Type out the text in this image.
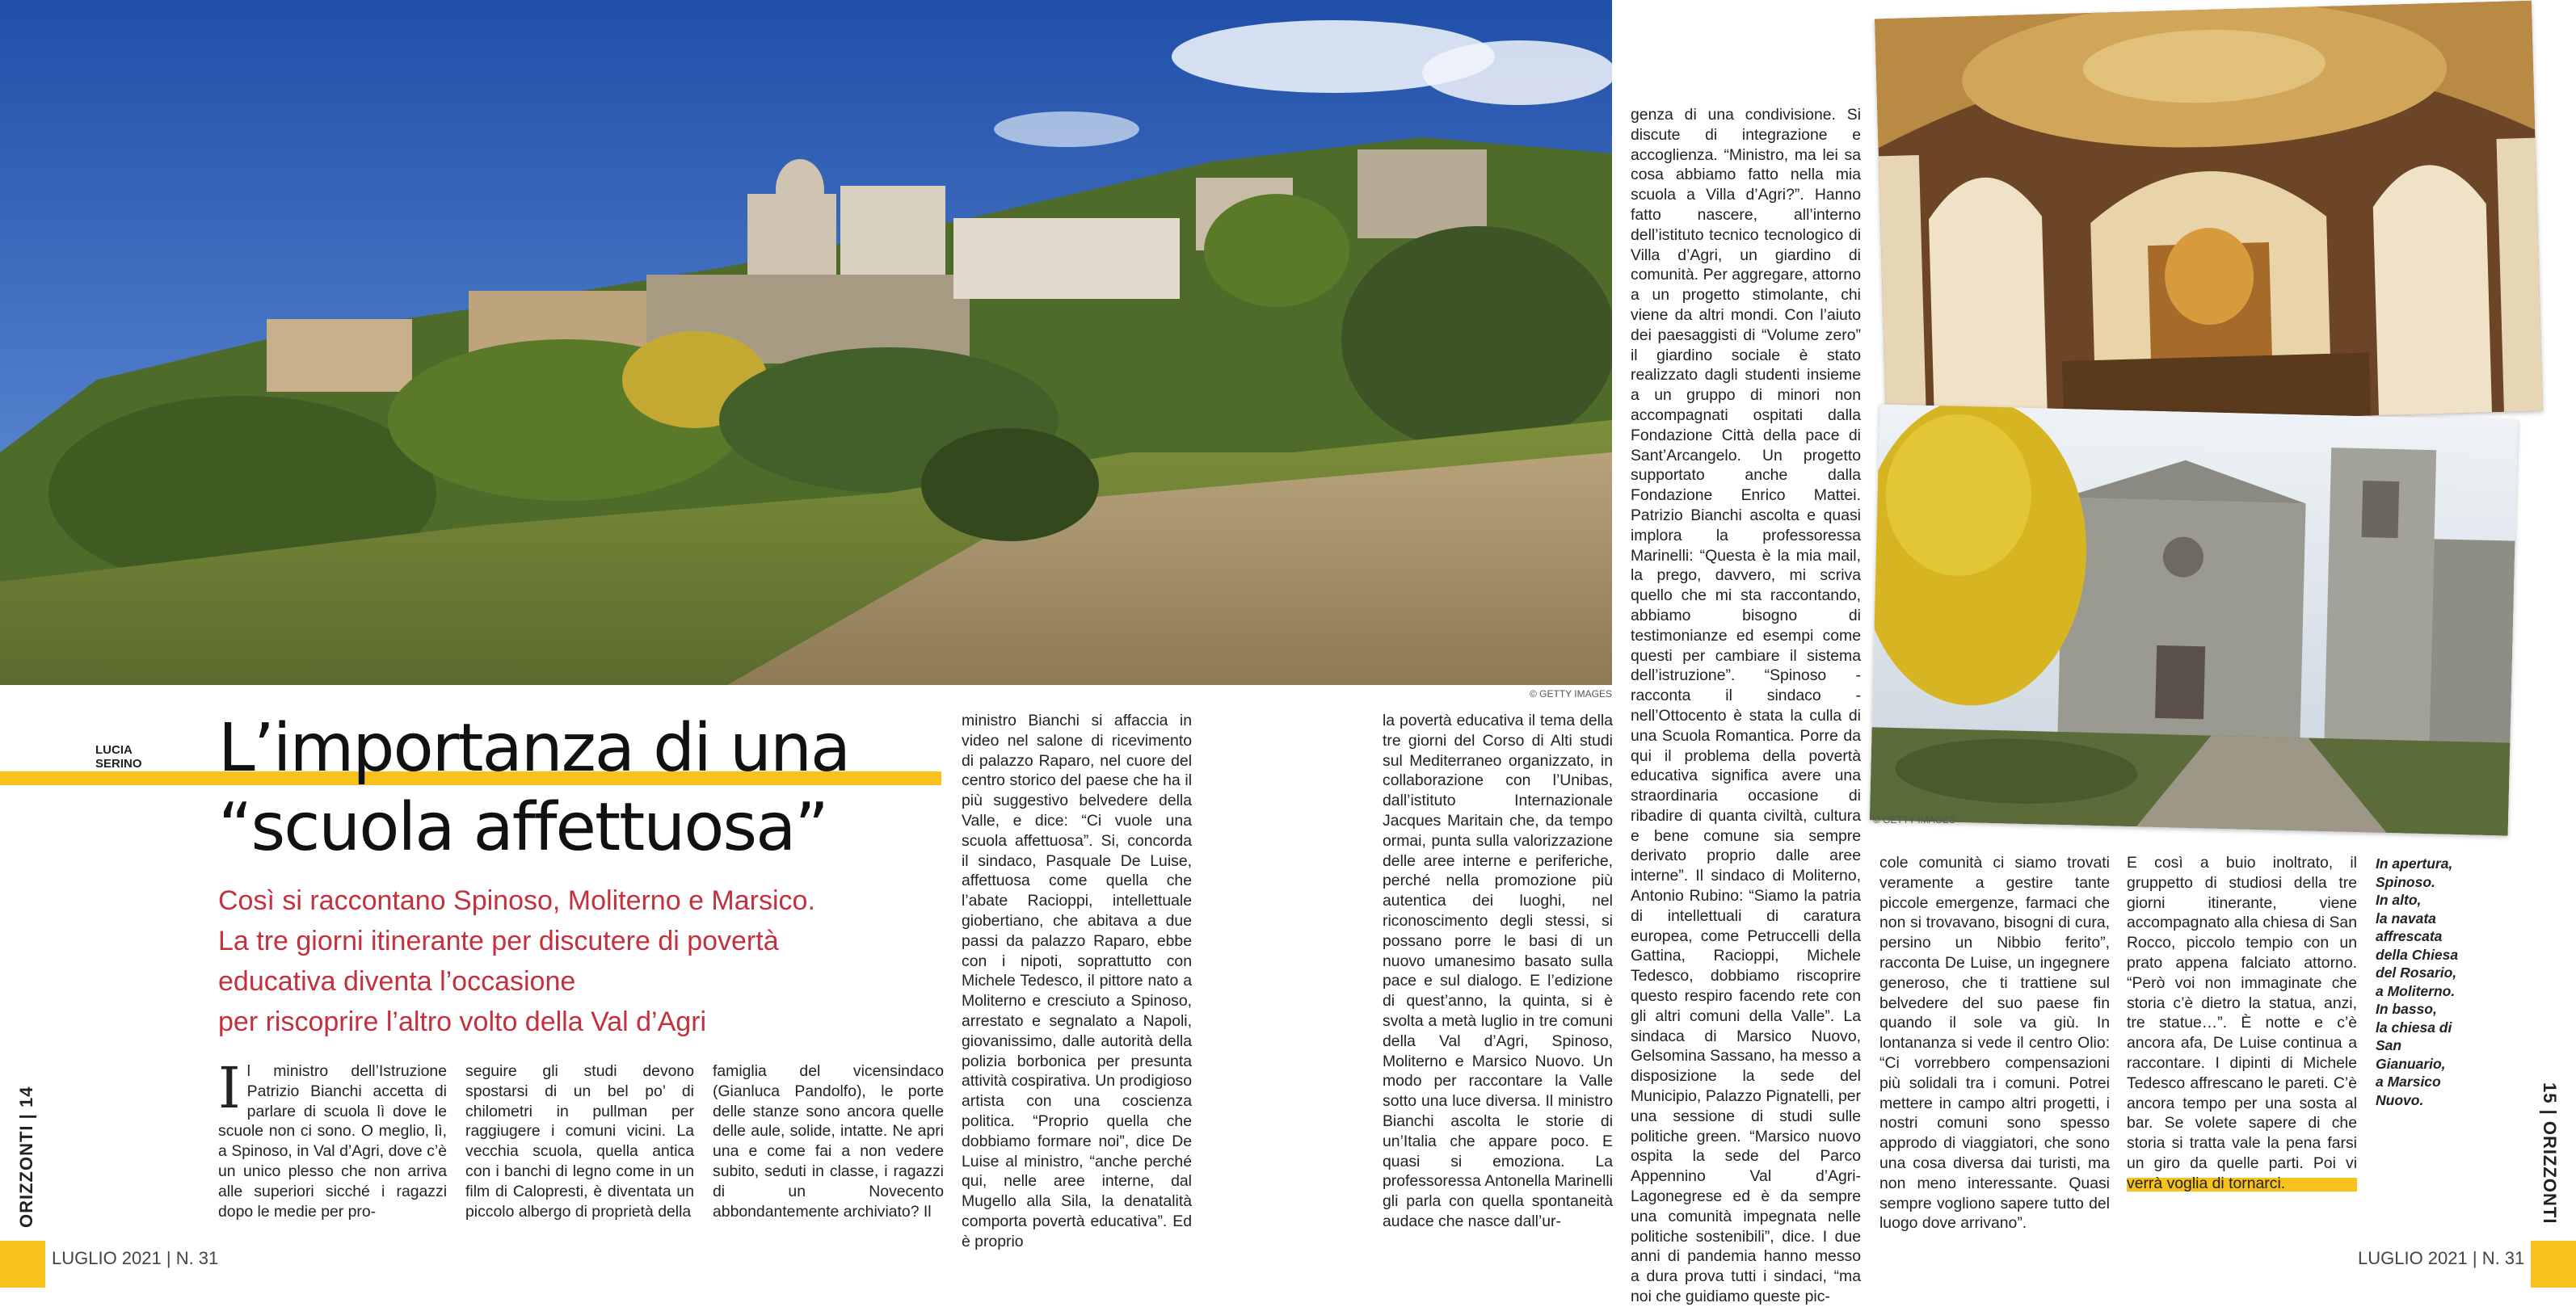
© GETTY IMAGES
© GETTY IMAGES
LUCIA
SERINO L’importanza di una
“scuola affettuosa”
Così si raccontano Spinoso, Moliterno e Marsico.
La tre giorni itinerante per discutere di povertà
educativa diventa l’occasione
per riscoprire l’altro volto della Val d’Agri
Il ministro dell’Istruzione Patrizio Bianchi accetta di parlare di scuola lì dove le scuole non ci sono. O meglio, lì, a Spinoso, in Val d’Agri, dove c’è un unico plesso che non arriva alle superiori sicché i ragazzi dopo le medie per pro-
seguire gli studi devono spostarsi di un bel po’ di chilometri in pullman per raggiugere i comuni vicini. La vecchia scuola, quella antica con i banchi di legno come in un film di Calopresti, è diventata un piccolo albergo di proprietà della
famiglia del vicensindaco (Gianluca Pandolfo), le porte delle stanze sono ancora quelle delle aule, solide, intatte. Ne apri una e come fai a non vedere subito, seduti in classe, i ragazzi di un Novecento abbondantemente archiviato? Il
ministro Bianchi si affaccia in video nel salone di ricevimento di palazzo Raparo, nel cuore del centro storico del paese che ha il più suggestivo belvedere della Valle, e dice: “Ci vuole una scuola affettuosa”. Si, concorda il sindaco, Pasquale De Luise, affettuosa come quella che l’abate Racioppi, intellettuale giobertiano, che abitava a due passi da palazzo Raparo, ebbe con i nipoti, soprattutto con Michele Tedesco, il pittore nato a Moliterno e cresciuto a Spinoso, arrestato e segnalato a Napoli, giovanissimo, dalle autorità della polizia borbonica per presunta attività cospirativa. Un prodigioso artista con una coscienza politica. “Proprio quella che dobbiamo formare noi”, dice De Luise al ministro, “anche perché qui, nelle aree interne, dal Mugello alla Sila, la denatalità comporta povertà educativa”. Ed è proprio
la povertà educativa il tema della tre giorni del Corso di Alti studi sul Mediterraneo organizzato, in collaborazione con l’Unibas, dall’istituto Internazionale Jacques Maritain che, da tempo ormai, punta sulla valorizzazione delle aree interne e periferiche, perché nella promozione più autentica dei luoghi, nel riconoscimento degli stessi, si possano porre le basi di un nuovo umanesimo basato sulla pace e sul dialogo. E l’edizione di quest’anno, la quinta, si è svolta a metà luglio in tre comuni della Val d’Agri, Spinoso, Moliterno e Marsico Nuovo. Un modo per raccontare la Valle sotto una luce diversa. Il ministro Bianchi ascolta le storie di un’Italia che appare poco. E quasi si emoziona. La professoressa Antonella Marinelli gli parla con quella spontaneità audace che nasce dall’ur-
genza di una condivisione. Si discute di integrazione e accoglienza. “Ministro, ma lei sa cosa abbiamo fatto nella mia scuola a Villa d’Agri?”. Hanno fatto nascere, all’interno dell’istituto tecnico tecnologico di Villa d’Agri, un giardino di comunità. Per aggregare, attorno a un progetto stimolante, chi viene da altri mondi. Con l’aiuto dei paesaggisti di “Volume zero” il giardino sociale è stato realizzato dagli studenti insieme a un gruppo di minori non accompagnati ospitati dalla Fondazione Città della pace di Sant’Arcangelo. Un progetto supportato anche dalla Fondazione Enrico Mattei. Patrizio Bianchi ascolta e quasi implora la professoressa Marinelli: “Questa è la mia mail, la prego, davvero, mi scriva quello che mi sta raccontando, abbiamo bisogno di testimonianze ed esempi come questi per cambiare il sistema dell’istruzione”. “Spinoso - racconta il sindaco - nell’Ottocento è stata la culla di una Scuola Romantica. Porre da qui il problema della povertà educativa significa avere una straordinaria occasione di ribadire di quanta civiltà, cultura e bene comune sia sempre derivato proprio dalle aree interne”. Il sindaco di Moliterno, Antonio Rubino: “Siamo la patria di intellettuali di caratura europea, come Petruccelli della Gattina, Racioppi, Michele Tedesco, dobbiamo riscoprire questo respiro facendo rete con gli altri comuni della Valle”. La sindaca di Marsico Nuovo, Gelsomina Sassano, ha messo a disposizione la sede del Municipio, Palazzo Pignatelli, per una sessione di studi sulle politiche green. “Marsico nuovo ospita la sede del Parco Appennino Val d’Agri-Lagonegrese ed è da sempre una comunità impegnata nelle politiche sostenibili”, dice. I due anni di pandemia hanno messo a dura prova tutti i sindaci, “ma noi che guidiamo queste pic-
cole comunità ci siamo trovati veramente a gestire tante piccole emergenze, farmaci che non si trovavano, bisogni di cura, persino un Nibbio ferito”, racconta De Luise, un ingegnere generoso, che ti trattiene sul belvedere del suo paese fin quando il sole va giù. In lontananza si vede il centro Olio: “Ci vorrebbero compensazioni più solidali tra i comuni. Potrei mettere in campo altri progetti, i nostri comuni sono spesso approdo di viaggiatori, che sono una cosa diversa dai turisti, ma non meno interessante. Quasi sempre vogliono sapere tutto del luogo dove arrivano”.
E così a buio inoltrato, il gruppetto di studiosi della tre giorni itinerante, viene accompagnato alla chiesa di San Rocco, piccolo tempio con un prato appena falciato attorno. “Però voi non immaginate che storia c’è dietro la statua, anzi, tre statue…”. È notte e c’è ancora afa, De Luise continua a raccontare. I dipinti di Michele Tedesco affrescano le pareti. C’è ancora tempo per una sosta al bar. Se volete sapere di che storia si tratta vale la pena farsi un giro da quelle parti. Poi vi verrà voglia di tornarci.
In apertura,
Spinoso.
In alto,
la navata
affrescata
della Chiesa
del Rosario,
a Moliterno.
In basso,
la chiesa di San
Gianuario,
a Marsico
Nuovo.
LUGLIO 2021 | N. 31	LUGLIO 2021 | N. 31
ORIZZONTI | 14	15 | ORIZZONTI
